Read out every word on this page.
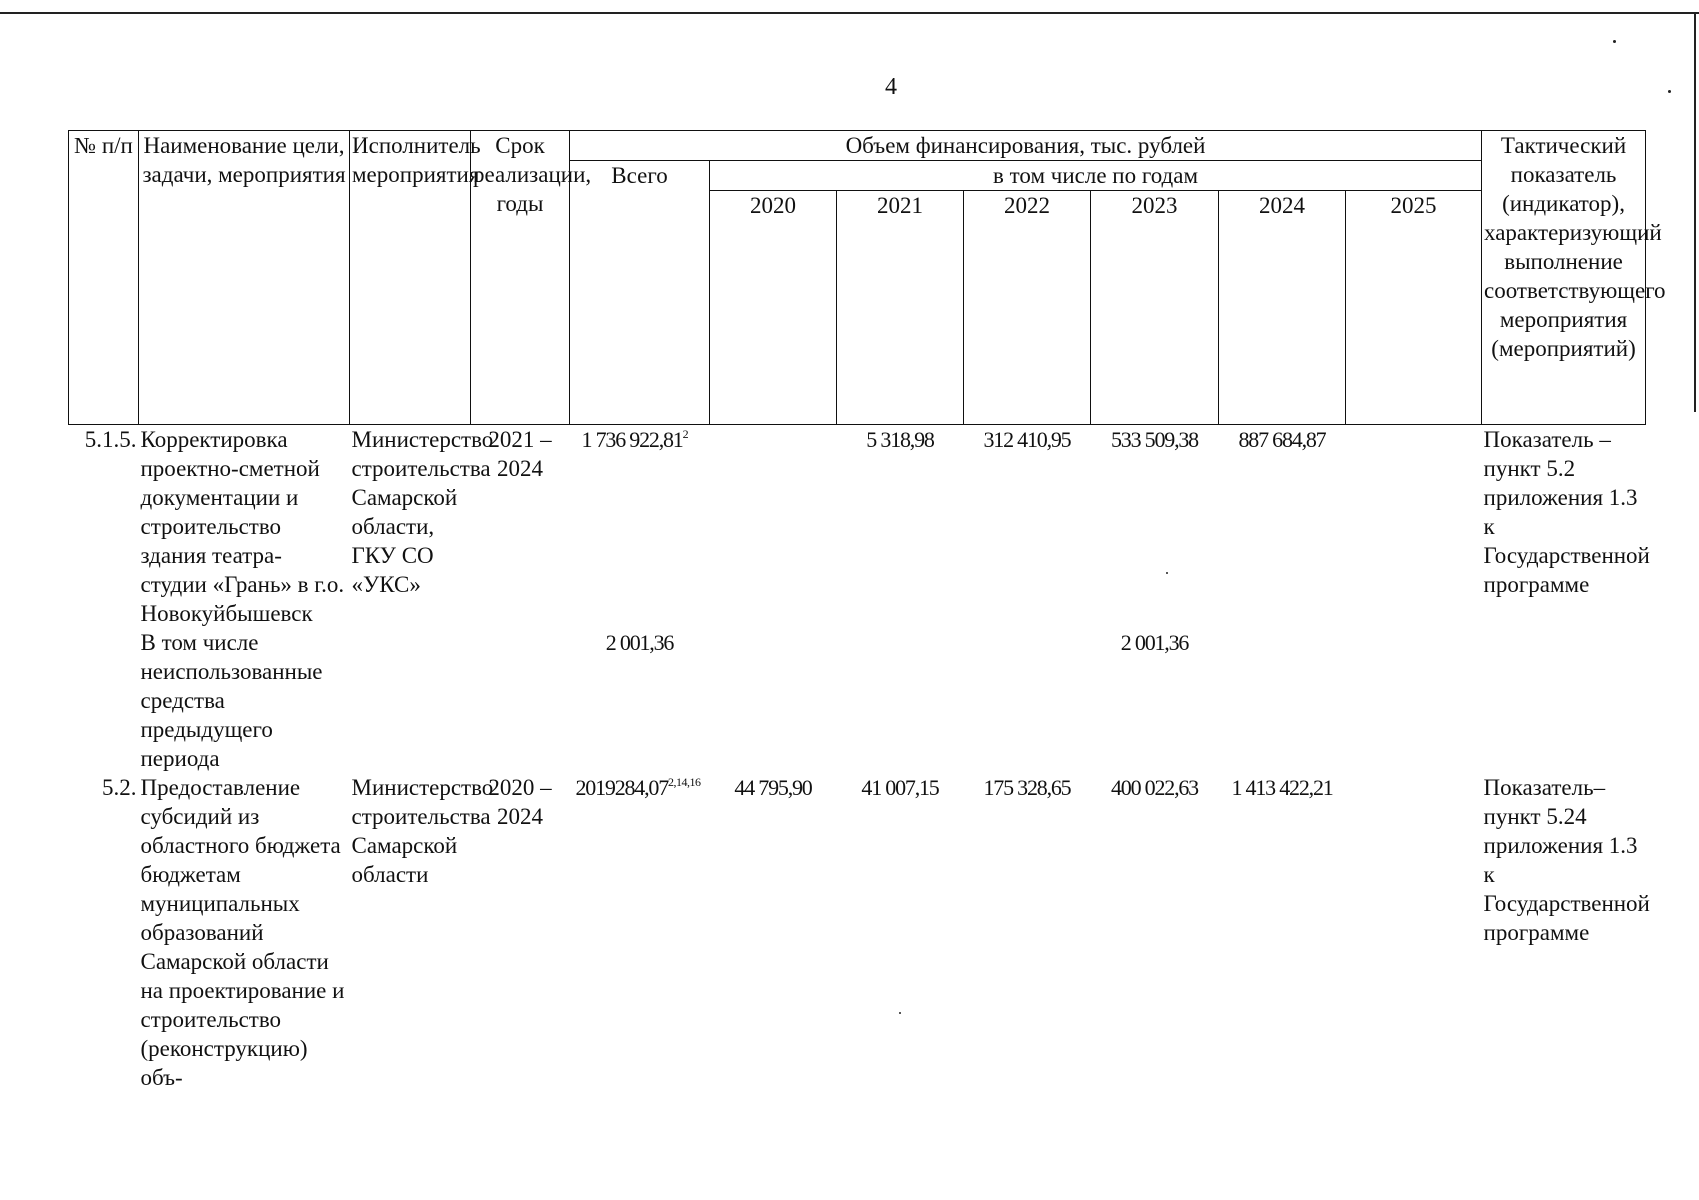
4
№ п/п	Наименование цели, задачи, мероприятия	Исполнитель мероприятия	Срок реализации, годы	Объем финансирования, тыс. рублей							Тактический показатель (индикатор), характеризующий выполнение соответствующего мероприятия (мероприятий)
				Всего	в том числе по годам						
					2020	2021	2022	2023	2024	2025	
5.1.5.	Корректировка проектно-сметной документации и строительство здания театра-студии «Грань» в г.о. Новокуйбышевск	Министерство строительства Самарской области, ГКУ СО «УКС»	2021 – 2024	1 736 922,81$^2$		5 318,98	312 410,95	533 509,38	887 684,87		Показатель – пункт 5.2 приложения 1.3 к Государственной программе
	В том числе неиспользованные средства предыдущего периода			2 001,36				2 001,36			
5.2.	Предоставление субсидий из областного бюджета бюджетам муниципальных образований Самарской области на проектирование и строительство (реконструкцию) объ-	Министерство строительства Самарской области	2020 – 2024	2019284,07$^{2,14,16}$	44 795,90	41 007,15	175 328,65	400 022,63	1 413 422,21		Показатель– пункт 5.24 приложения 1.3 к Государственной программе
